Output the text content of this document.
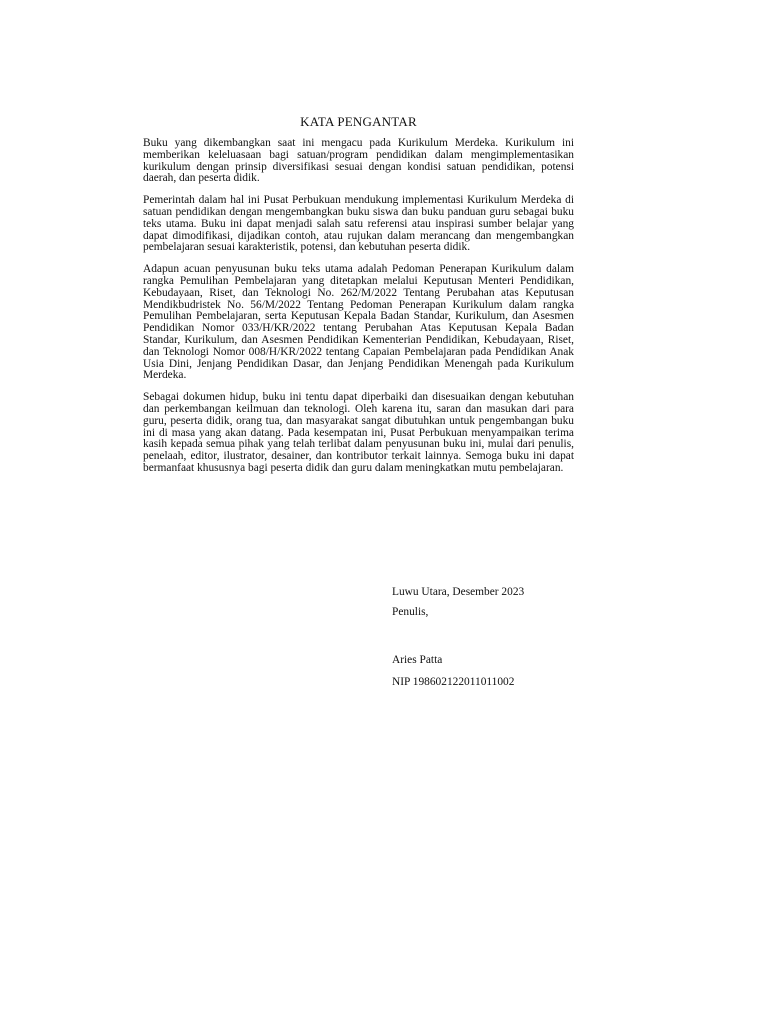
KATA PENGANTAR

Buku yang dikembangkan saat ini mengacu pada Kurikulum Merdeka. Kurikulum ini memberikan keleluasaan bagi satuan/program pendidikan dalam mengimplementasikan kurikulum dengan prinsip diversifikasi sesuai dengan kondisi satuan pendidikan, potensi daerah, dan peserta didik.

Pemerintah dalam hal ini Pusat Perbukuan mendukung implementasi Kurikulum Merdeka di satuan pendidikan dengan mengembangkan buku siswa dan buku panduan guru sebagai buku teks utama. Buku ini dapat menjadi salah satu referensi atau inspirasi sumber belajar yang dapat dimodifikasi, dijadikan contoh, atau rujukan dalam merancang dan mengembangkan pembelajaran sesuai karakteristik, potensi, dan kebutuhan peserta didik.

Adapun acuan penyusunan buku teks utama adalah Pedoman Penerapan Kurikulum dalam rangka Pemulihan Pembelajaran yang ditetapkan melalui Keputusan Menteri Pendidikan, Kebudayaan, Riset, dan Teknologi No. 262/M/2022 Tentang Perubahan atas Keputusan Mendikbudristek No. 56/M/2022 Tentang Pedoman Penerapan Kurikulum dalam rangka Pemulihan Pembelajaran, serta Keputusan Kepala Badan Standar, Kurikulum, dan Asesmen Pendidikan Nomor 033/H/KR/2022 tentang Perubahan Atas Keputusan Kepala Badan Standar, Kurikulum, dan Asesmen Pendidikan Kementerian Pendidikan, Kebudayaan, Riset, dan Teknologi Nomor 008/H/KR/2022 tentang Capaian Pembelajaran pada Pendidikan Anak Usia Dini, Jenjang Pendidikan Dasar, dan Jenjang Pendidikan Menengah pada Kurikulum Merdeka.

Sebagai dokumen hidup, buku ini tentu dapat diperbaiki dan disesuaikan dengan kebutuhan dan perkembangan keilmuan dan teknologi. Oleh karena itu, saran dan masukan dari para guru, peserta didik, orang tua, dan masyarakat sangat dibutuhkan untuk pengembangan buku ini di masa yang akan datang. Pada kesempatan ini, Pusat Perbukuan menyampaikan terima kasih kepada semua pihak yang telah terlibat dalam penyusunan buku ini, mulai dari penulis, penelaah, editor, ilustrator, desainer, dan kontributor terkait lainnya. Semoga buku ini dapat bermanfaat khususnya bagi peserta didik dan guru dalam meningkatkan mutu pembelajaran.

Luwu Utara, Desember 2023
Penulis,
Aries Patta
NIP 198602122011011002
